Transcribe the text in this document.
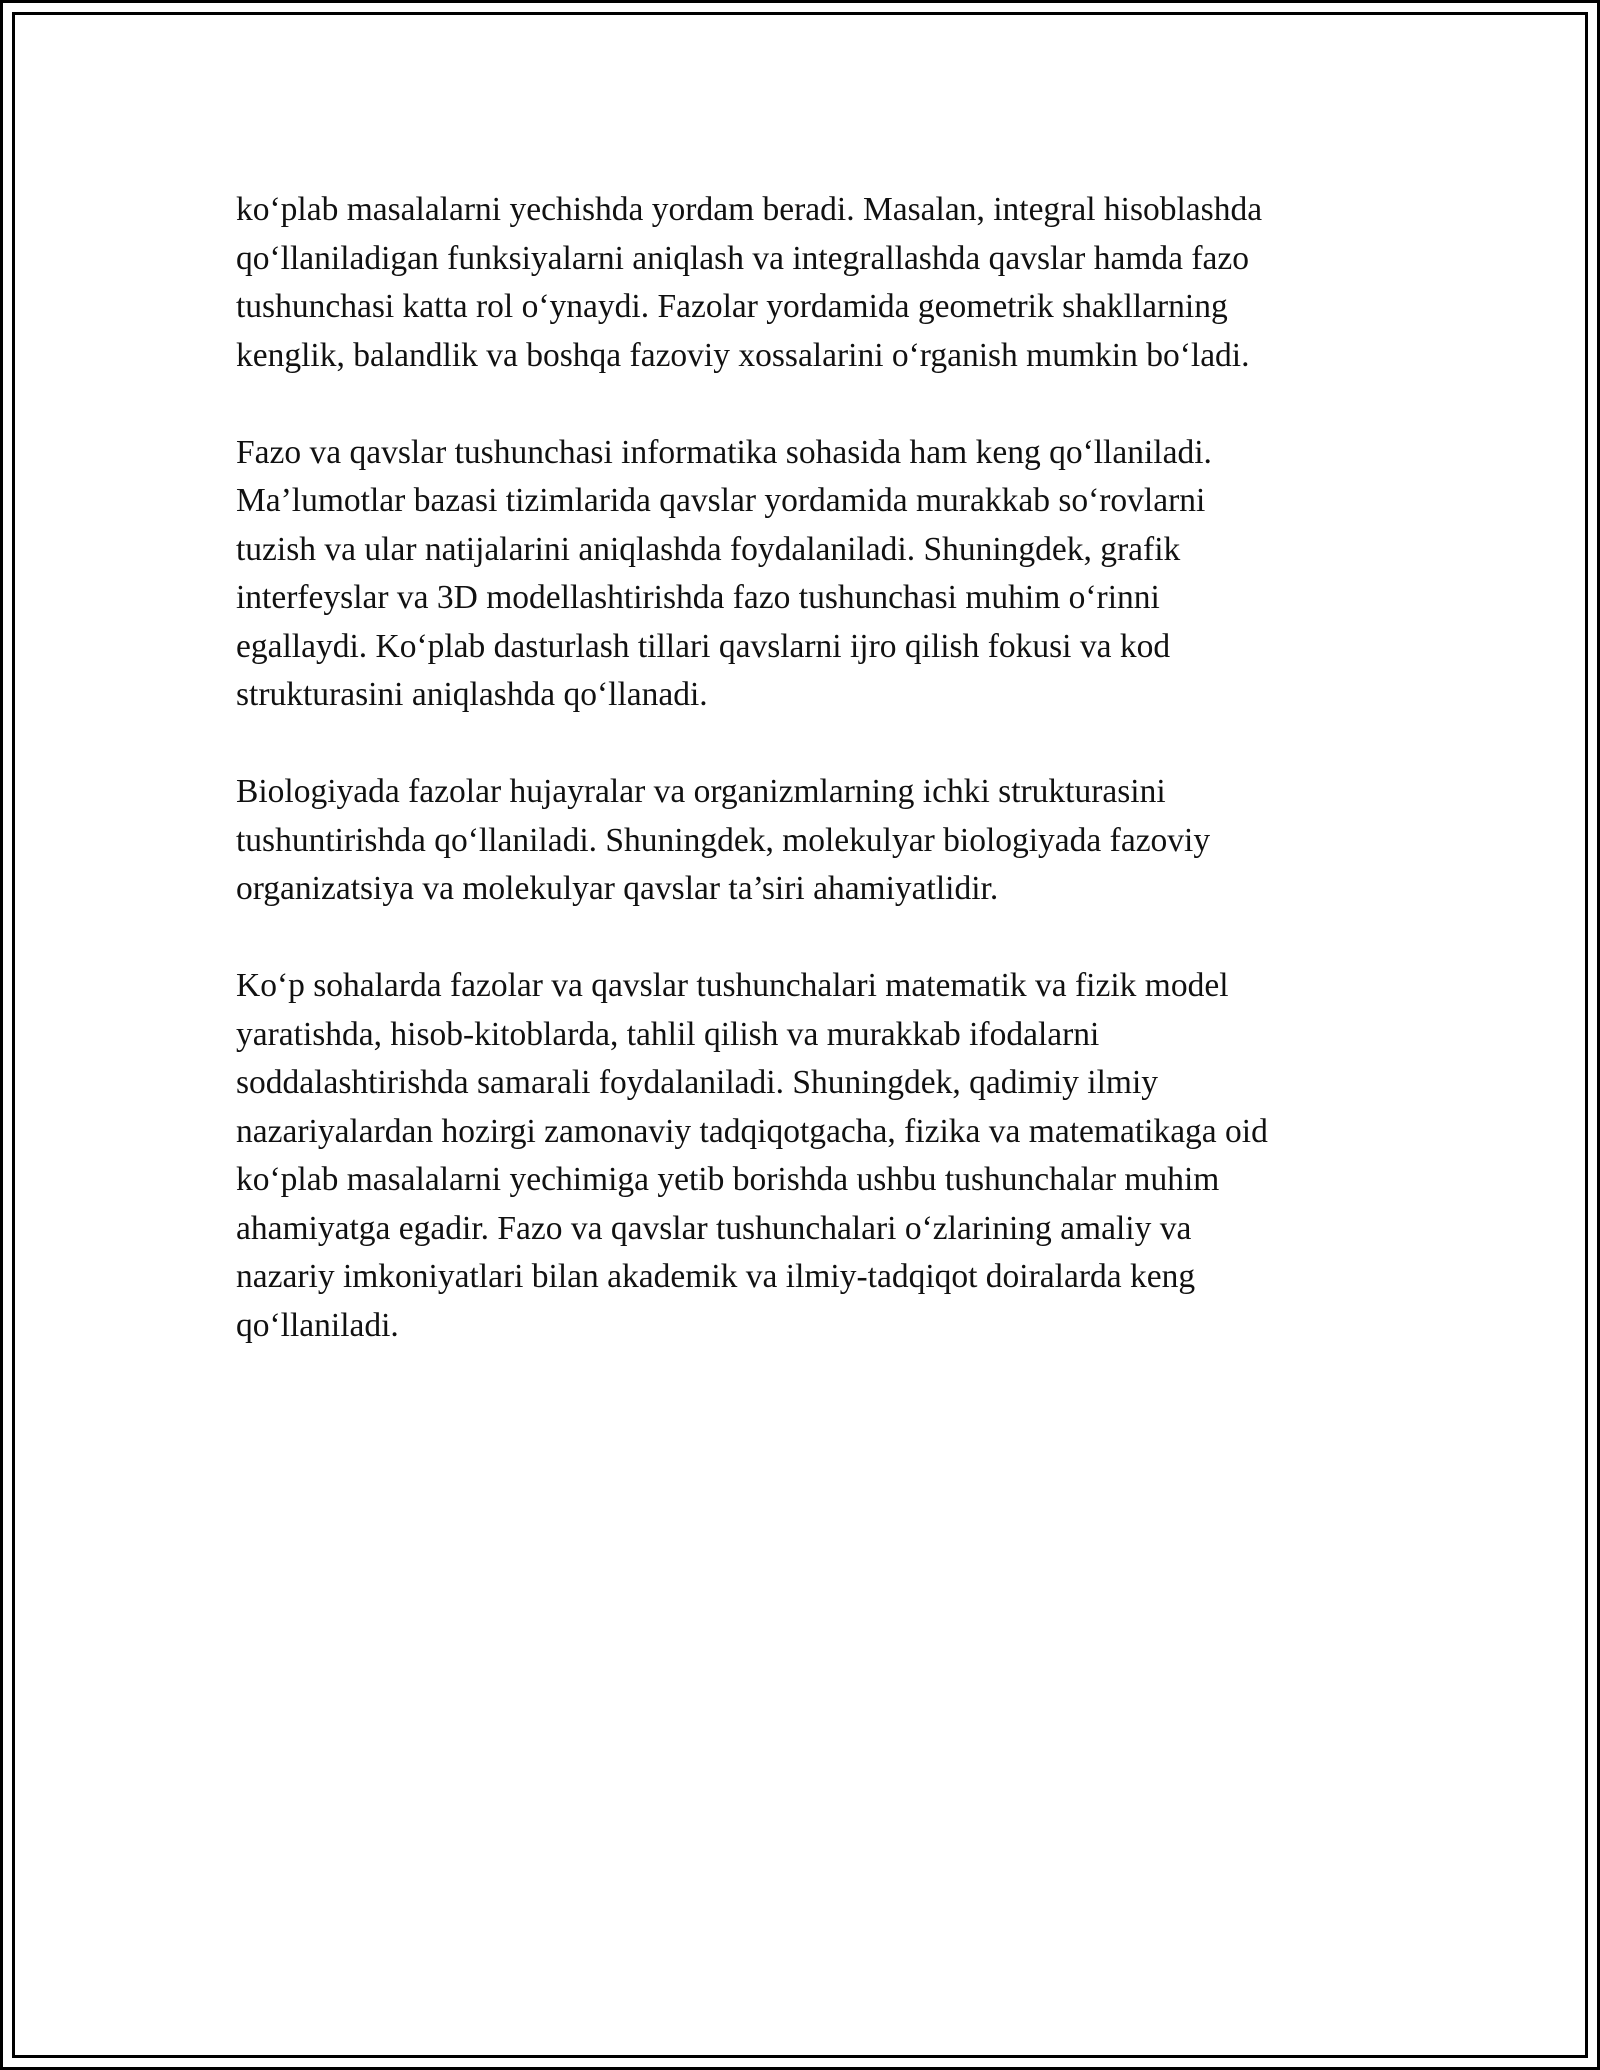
ko‘plab masalalarni yechishda yordam beradi. Masalan, integral hisoblashda
qo‘llaniladigan funksiyalarni aniqlash va integrallashda qavslar hamda fazo
tushunchasi katta rol o‘ynaydi. Fazolar yordamida geometrik shakllarning
kenglik, balandlik va boshqa fazoviy xossalarini o‘rganish mumkin bo‘ladi.

Fazo va qavslar tushunchasi informatika sohasida ham keng qo‘llaniladi.
Ma’lumotlar bazasi tizimlarida qavslar yordamida murakkab so‘rovlarni
tuzish va ular natijalarini aniqlashda foydalaniladi. Shuningdek, grafik
interfeyslar va 3D modellashtirishda fazo tushunchasi muhim o‘rinni
egallaydi. Ko‘plab dasturlash tillari qavslarni ijro qilish fokusi va kod
strukturasini aniqlashda qo‘llanadi.

Biologiyada fazolar hujayralar va organizmlarning ichki strukturasini
tushuntirishda qo‘llaniladi. Shuningdek, molekulyar biologiyada fazoviy
organizatsiya va molekulyar qavslar ta’siri ahamiyatlidir.

Ko‘p sohalarda fazolar va qavslar tushunchalari matematik va fizik model
yaratishda, hisob-kitoblarda, tahlil qilish va murakkab ifodalarni
soddalashtirishda samarali foydalaniladi. Shuningdek, qadimiy ilmiy
nazariyalardan hozirgi zamonaviy tadqiqotgacha, fizika va matematikaga oid
ko‘plab masalalarni yechimiga yetib borishda ushbu tushunchalar muhim
ahamiyatga egadir. Fazo va qavslar tushunchalari o‘zlarining amaliy va
nazariy imkoniyatlari bilan akademik va ilmiy-tadqiqot doiralarda keng
qo‘llaniladi.
